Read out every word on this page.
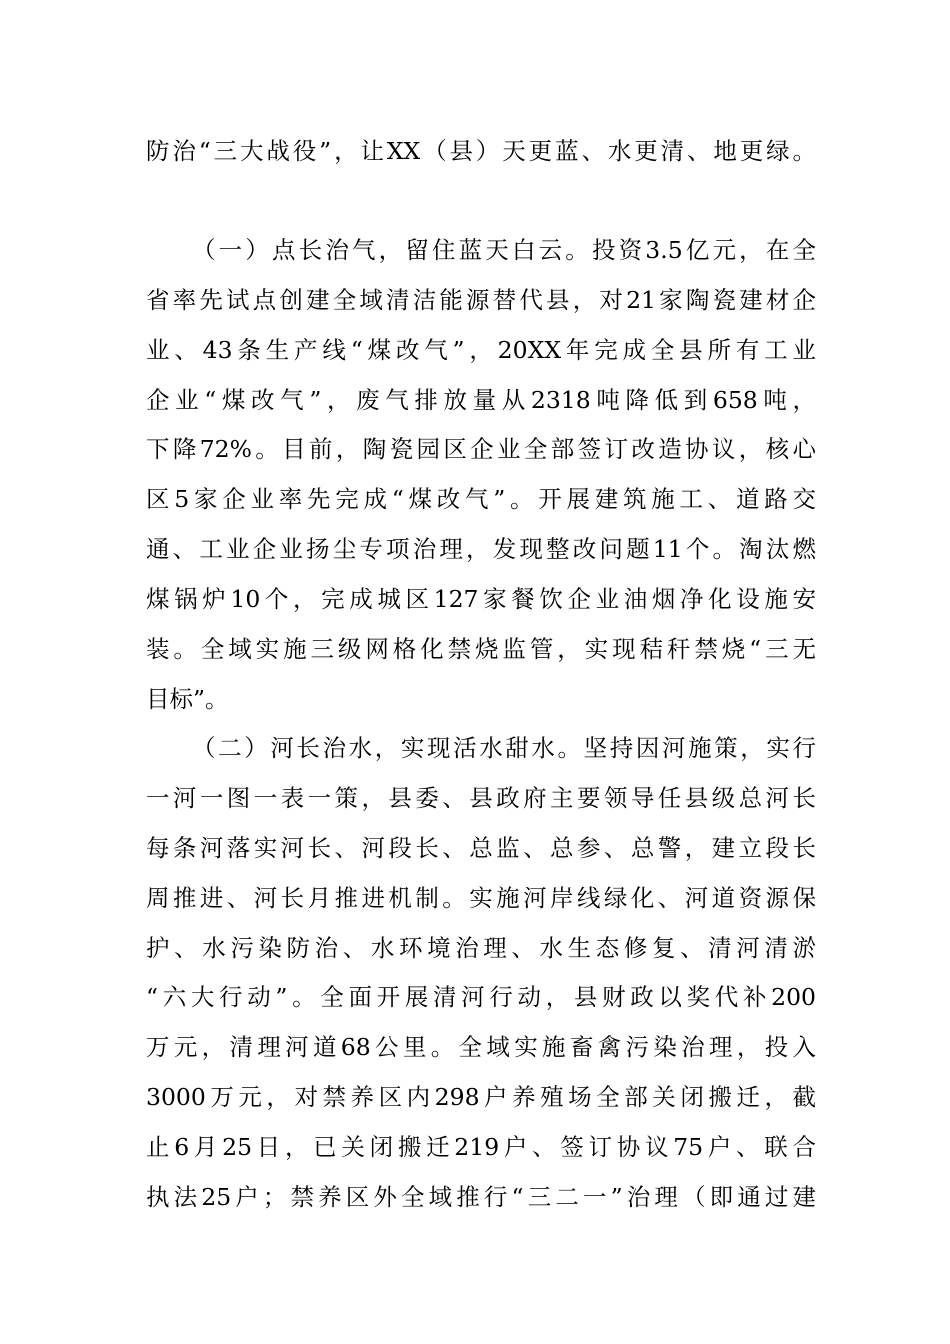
防治“三大战役”，让XX（县）天更蓝、水更清、地更绿。
（一）点长治气，留住蓝天白云。投资3.5亿元，在全
省率先试点创建全域清洁能源替代县，对21家陶瓷建材企
业、43条生产线“煤改气”，20XX年完成全县所有工业
企业“煤改气”，废气排放量从2318吨降低到658吨，
下降72%。目前，陶瓷园区企业全部签订改造协议，核心
区5家企业率先完成“煤改气”。开展建筑施工、道路交
通、工业企业扬尘专项治理，发现整改问题11个。淘汰燃
煤锅炉10个，完成城区127家餐饮企业油烟净化设施安
装。全域实施三级网格化禁烧监管，实现秸秆禁烧“三无
目标”。
（二）河长治水，实现活水甜水。坚持因河施策，实行
一河一图一表一策，县委、县政府主要领导任县级总河长
每条河落实河长、河段长、总监、总参、总警，建立段长
周推进、河长月推进机制。实施河岸线绿化、河道资源保
护、水污染防治、水环境治理、水生态修复、清河清淤
“六大行动”。全面开展清河行动，县财政以奖代补200
万元，清理河道68公里。全域实施畜禽污染治理，投入
3000万元，对禁养区内298户养殖场全部关闭搬迁，截
止6月25日，已关闭搬迁219户、签订协议75户、联合
执法25户；禁养区外全域推行“三二一”治理（即通过建
